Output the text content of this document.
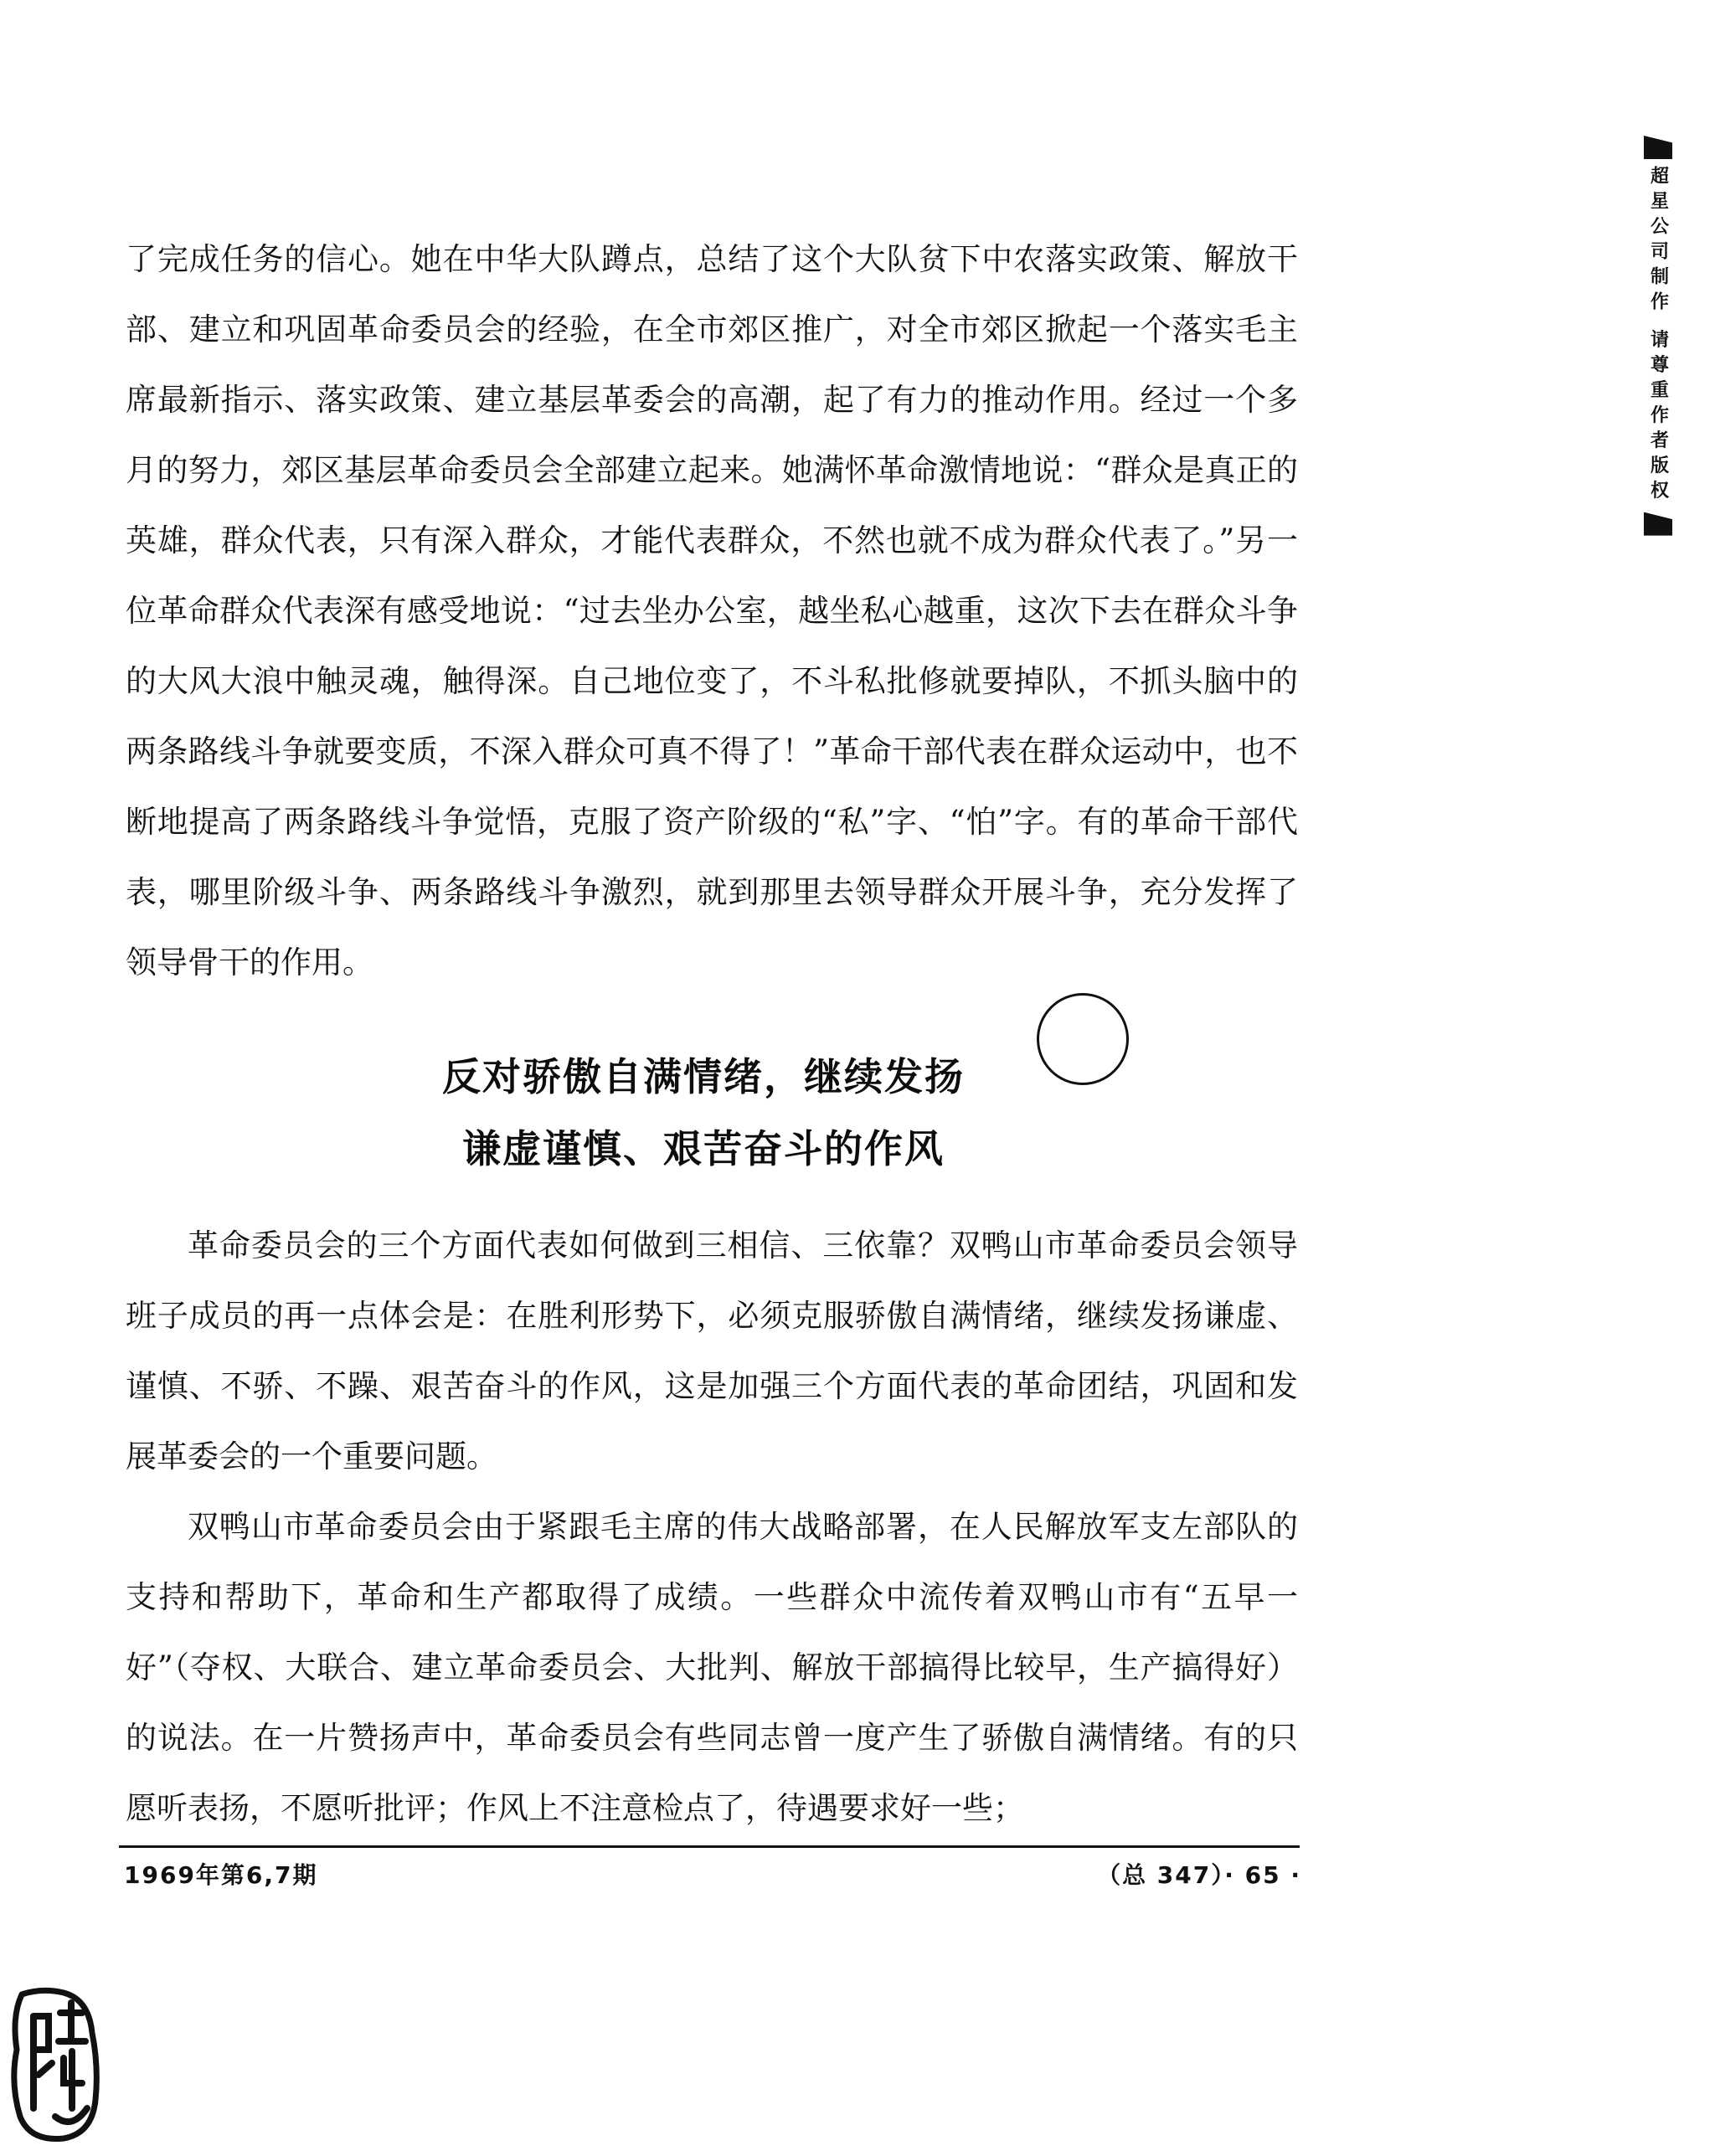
超星公司制作 请尊重作者版权

了完成任务的信心。她在中华大队蹲点，总结了这个大队贫下中农落实政策、解放干部、建立和巩固革命委员会的经验，在全市郊区推广，对全市郊区掀起一个落实毛主席最新指示、落实政策、建立基层革委会的高潮，起了有力的推动作用。经过一个多月的努力，郊区基层革命委员会全部建立起来。她满怀革命激情地说：“群众是真正的英雄，群众代表，只有深入群众，才能代表群众，不然也就不成为群众代表了。”另一位革命群众代表深有感受地说：“过去坐办公室，越坐私心越重，这次下去在群众斗争的大风大浪中触灵魂，触得深。自己地位变了，不斗私批修就要掉队，不抓头脑中的两条路线斗争就要变质，不深入群众可真不得了！”革命干部代表在群众运动中，也不断地提高了两条路线斗争觉悟，克服了资产阶级的“私”字、“怕”字。有的革命干部代表，哪里阶级斗争、两条路线斗争激烈，就到那里去领导群众开展斗争，充分发挥了领导骨干的作用。

反对骄傲自满情绪，继续发扬
谦虚谨慎、艰苦奋斗的作风

革命委员会的三个方面代表如何做到三相信、三依靠？双鸭山市革命委员会领导班子成员的再一点体会是：在胜利形势下，必须克服骄傲自满情绪，继续发扬谦虚、谨慎、不骄、不躁、艰苦奋斗的作风，这是加强三个方面代表的革命团结，巩固和发展革委会的一个重要问题。

双鸭山市革命委员会由于紧跟毛主席的伟大战略部署，在人民解放军支左部队的支持和帮助下，革命和生产都取得了成绩。一些群众中流传着双鸭山市有“五早一好”（夺权、大联合、建立革命委员会、大批判、解放干部搞得比较早，生产搞得好）的说法。在一片赞扬声中，革命委员会有些同志曾一度产生了骄傲自满情绪。有的只愿听表扬，不愿听批评；作风上不注意检点了，待遇要求好一些；

1969年第6,7期	（总 347）· 65 ·
